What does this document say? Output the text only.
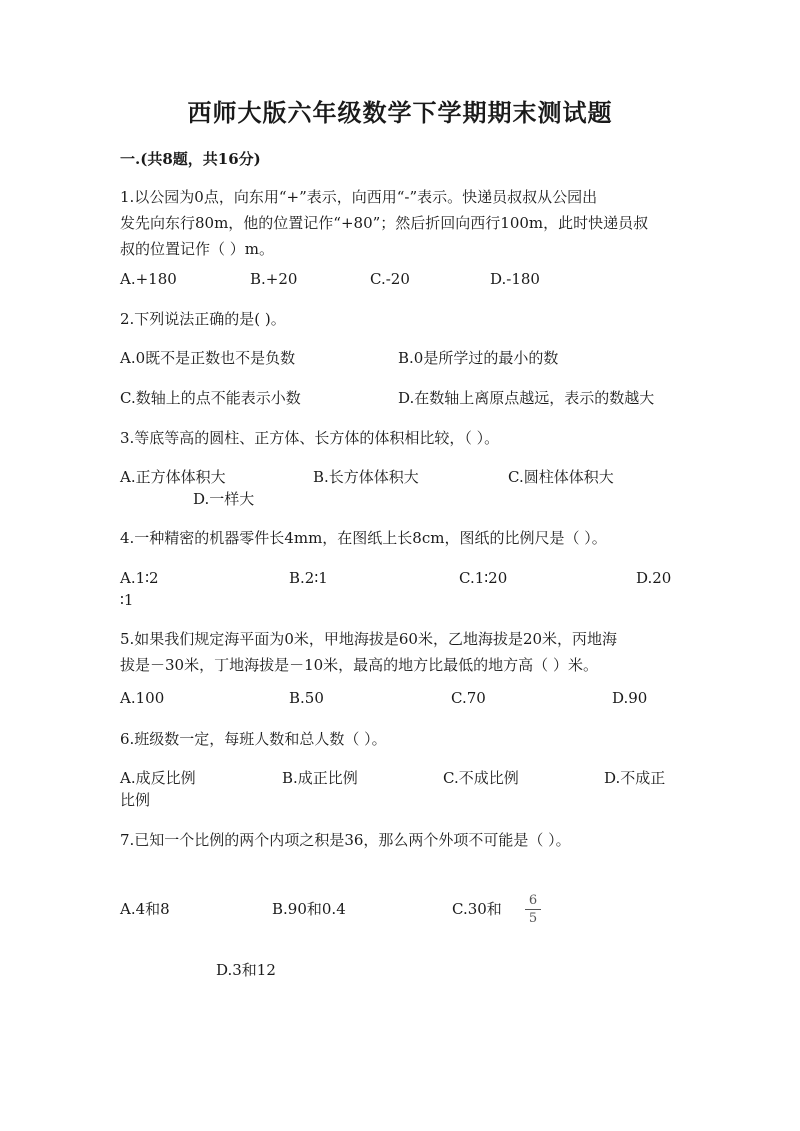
西师大版六年级数学下学期期末测试题
一.(共8题，共16分)
1.以公园为0点，向东用“+”表示，向西用“-”表示。快递员叔叔从公园出
发先向东行80m，他的位置记作“+80”；然后折回向西行100m，此时快递员叔
叔的位置记作（ ）m。
A.+180	B.+20	C.-20	D.-180
2.下列说法正确的是( )。
A.0既不是正数也不是负数	B.0是所学过的最小的数
C.数轴上的点不能表示小数	D.在数轴上离原点越远，表示的数越大
3.等底等高的圆柱、正方体、长方体的体积相比较，（ ）。
A.正方体体积大	B.长方体体积大	C.圆柱体体积大
D.一样大
4.一种精密的机器零件长4mm，在图纸上长8cm，图纸的比例尺是（ ）。
A.1∶2	B.2∶1	C.1∶20	D.20
∶1
5.如果我们规定海平面为0米，甲地海拔是60米，乙地海拔是20米，丙地海
拔是－30米，丁地海拔是－10米，最高的地方比最低的地方高（ ）米。
A.100	B.50	C.70	D.90
6.班级数一定，每班人数和总人数（ ）。
A.成反比例	B.成正比例	C.不成比例	D.不成正
比例
7.已知一个比例的两个内项之积是36，那么两个外项不可能是（ ）。
A.4和8	B.90和0.4	C.30和 6
5
D.3和12
